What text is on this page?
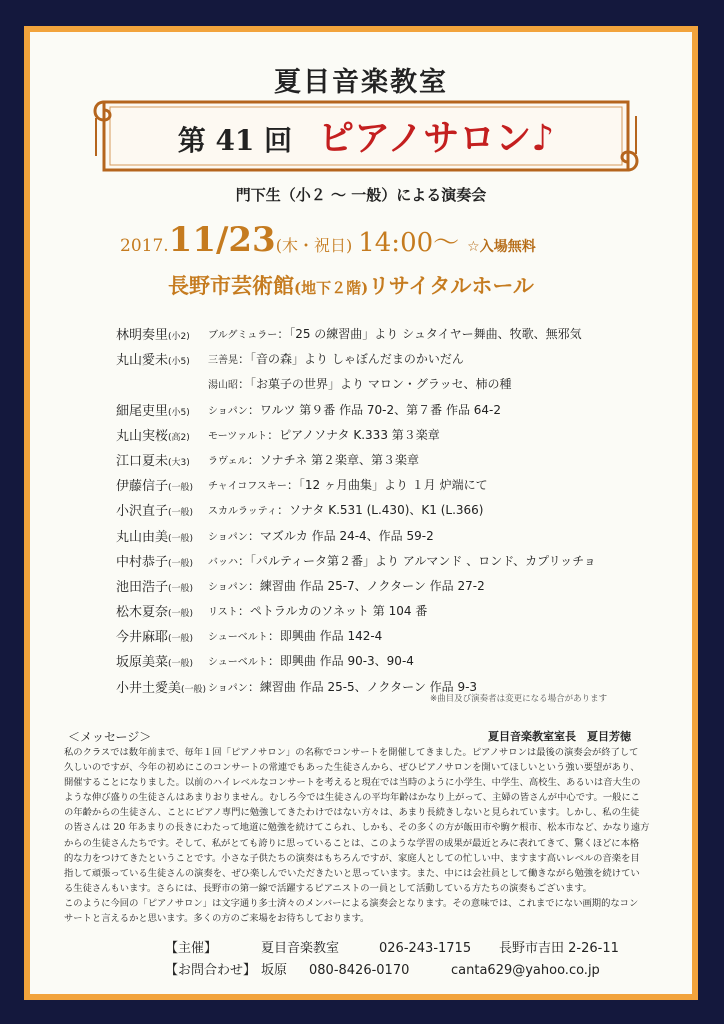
夏目音楽教室
第 41 回 ピアノサロン♪
門下生（小２ ～ 一般）による演奏会
2017.11/23(木・祝日) 14:00～ ☆入場無料
長野市芸術館(地下２階)リサイタルホール
林明奏里(小2) ブルグミュラー：「25 の練習曲」より シュタイヤー舞曲、牧歌、無邪気
丸山愛未(小5) 三善晃：「音の森」より しゃぼんだまのかいだん
湯山昭：「お菓子の世界」より マロン・グラッセ、柿の種
細尾吏里(小5) ショパン：ワルツ 第９番 作品 70-2、第７番 作品 64-2
丸山実桜(高2) モーツァルト：ピアノソナタ K.333 第３楽章
江口夏未(大3) ラヴェル：ソナチネ 第２楽章、第３楽章
伊藤信子(一般) チャイコフスキー：「12 ヶ月曲集」より １月 炉端にて
小沢直子(一般) スカルラッティ：ソナタ K.531 (L.430)、K1 (L.366)
丸山由美(一般) ショパン：マズルカ 作品 24-4、作品 59-2
中村恭子(一般) バッハ：「パルティータ第２番」より アルマンド 、ロンド、カプリッチョ
池田浩子(一般) ショパン：練習曲 作品 25-7、ノクターン 作品 27-2
松木夏奈(一般) リスト：ペトラルカのソネット 第 104 番
今井麻耶(一般) シューベルト：即興曲 作品 142-4
坂原美菜(一般) シューベルト：即興曲 作品 90-3、90-4
小井土愛美(一般) ショパン：練習曲 作品 25-5、ノクターン 作品 9-3
※曲目及び演奏者は変更になる場合があります
＜メッセージ＞	夏目音楽教室室長　夏目芳徳

私のクラスでは数年前まで、毎年１回「ピアノサロン」の名称でコンサートを開催してきました。ピアノサロンは最後の演奏会が終了して

久しいのですが、今年の初めにこのコンサートの常連でもあった生徒さんから、ぜひピアノサロンを開いてほしいという強い要望があり、

開催することになりました。以前のハイレベルなコンサートを考えると現在では当時のように小学生、中学生、高校生、あるいは音大生の

ような伸び盛りの生徒さんはあまりおりません。むしろ今では生徒さんの平均年齢はかなり上がって、主婦の皆さんが中心です。一般にこ

の年齢からの生徒さん、ことにピアノ専門に勉強してきたわけではない方々は、あまり長続きしないと見られています。しかし、私の生徒

の皆さんは 20 年あまりの長きにわたって地道に勉強を続けてこられ、しかも、その多くの方が飯田市や駒ケ根市、松本市など、かなり遠方

からの生徒さんたちです。そして、私がとても誇りに思っていることは、このような学習の成果が最近とみに表れてきて、驚くほどに本格

的な力をつけてきたということです。小さな子供たちの演奏はもちろんですが、家庭人としての忙しい中、ますます高いレベルの音楽を目

指して頑張っている生徒さんの演奏を、ぜひ楽しんでいただきたいと思っています。また、中には会社員として働きながら勉強を続けてい

る生徒さんもいます。さらには、長野市の第一線で活躍するピアニストの一員として活動している方たちの演奏もございます。

このように今回の「ピアノサロン」は文字通り多士済々のメンバーによる演奏会となります。その意味では、これまでにない画期的なコン

サートと言えるかと思います。多くの方のご来場をお待ちしております。

【主催】	夏目音楽教室	026-243-1715 長野市吉田 2-26-11
【お問合わせ】 坂原 080-8426-0170	canta629@yahoo.co.jp
